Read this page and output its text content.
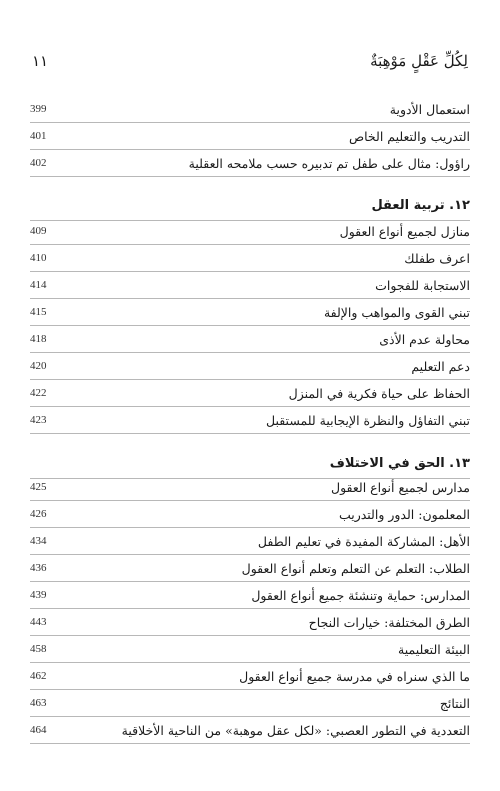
١١	لِكُلِّ عَقْلٍ مَوْهِبَةٌ
399	استعمال الأدوية
401	التدريب والتعليم الخاص
402	راؤول: مثال على طفل تم تدبيره حسب ملامحه العقلية
١٢. تربية العقل
409	منازل لجميع أنواع العقول
410	اعرف طفلك
414	الاستجابة للفجوات
415	تبني القوى والمواهب والإلفة
418	محاولة عدم الأذى
420	دعم التعليم
422	الحفاظ على حياة فكرية في المنزل
423	تبني التفاؤل والنظرة الإيجابية للمستقبل
١٣. الحق في الاختلاف
425	مدارس لجميع أنواع العقول
426	المعلمون: الدور والتدريب
434	الأهل: المشاركة المفيدة في تعليم الطفل
436	الطلاب: التعلم عن التعلم وتعلم أنواع العقول
439	المدارس: حماية وتنشئة جميع أنواع العقول
443	الطرق المختلفة: خيارات النجاح
458	البيئة التعليمية
462	ما الذي سنراه في مدرسة جميع أنواع العقول
463	النتائج
464	التعددية في التطور العصبي: «لكل عقل موهبة» من الناحية الأخلاقية
